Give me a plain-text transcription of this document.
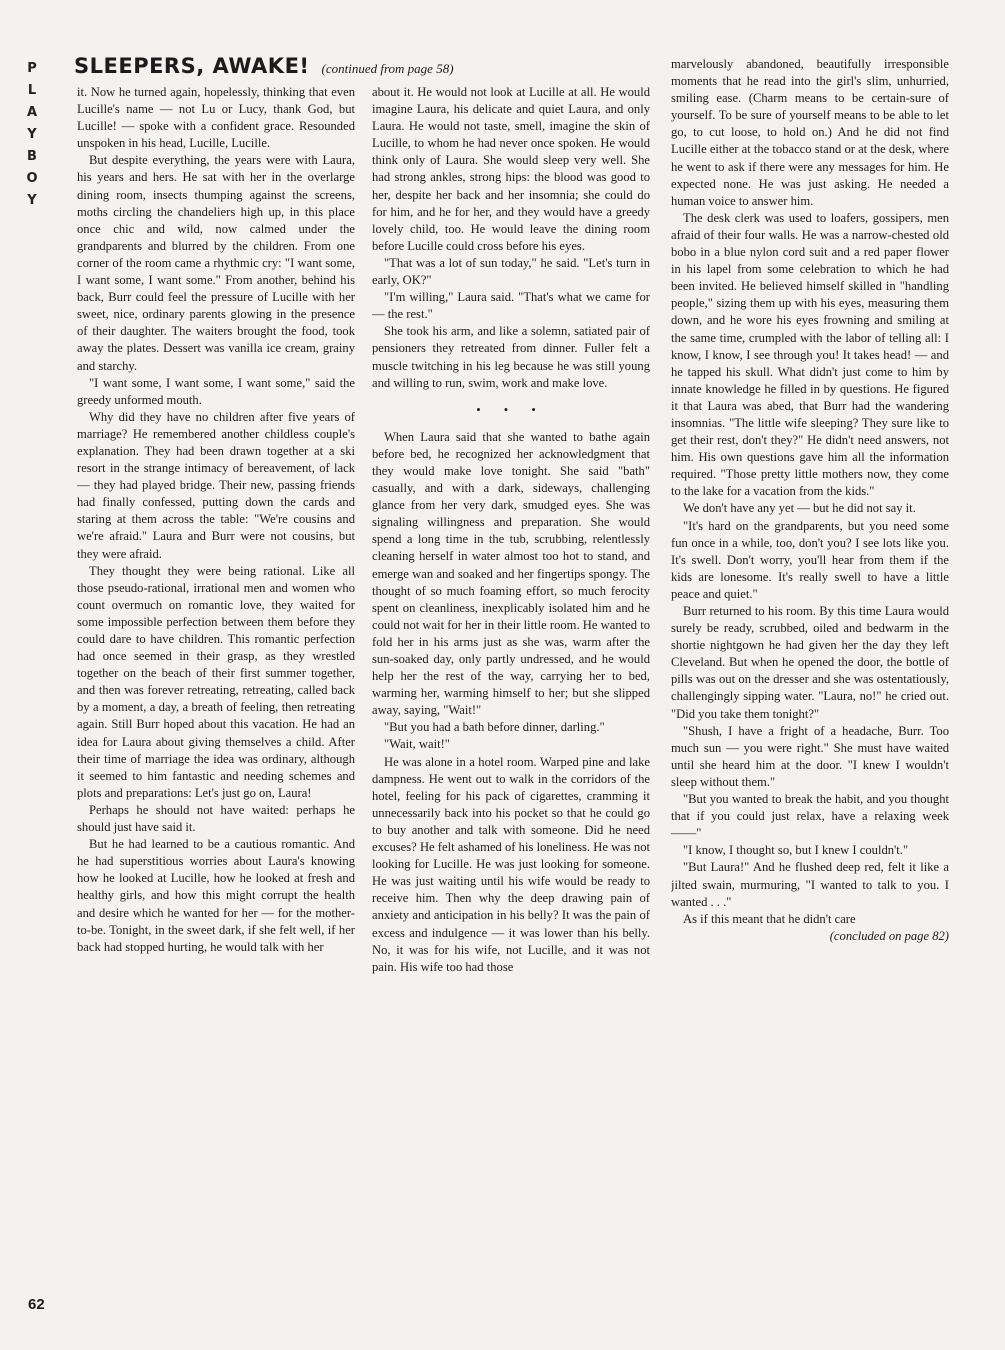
P
L
A
Y
B
O
Y
62
SLEEPERS, AWAKE! (continued from page 58)

it. Now he turned again, hopelessly, thinking that even Lucille's name — not Lu or Lucy, thank God, but Lucille! — spoke with a confident grace. Resounded unspoken in his head, Lucille, Lucille.

But despite everything, the years were with Laura, his years and hers. He sat with her in the overlarge dining room, insects thumping against the screens, moths circling the chandeliers high up, in this place once chic and wild, now calmed under the grandparents and blurred by the children. From one corner of the room came a rhythmic cry: "I want some, I want some, I want some." From another, behind his back, Burr could feel the pressure of Lucille with her sweet, nice, ordinary parents glowing in the presence of their daughter. The waiters brought the food, took away the plates. Dessert was vanilla ice cream, grainy and starchy.

"I want some, I want some, I want some," said the greedy unformed mouth.

Why did they have no children after five years of marriage? He remembered another childless couple's explanation. They had been drawn together at a ski resort in the strange intimacy of bereavement, of lack — they had played bridge. Their new, passing friends had finally confessed, putting down the cards and staring at them across the table: "We're cousins and we're afraid." Laura and Burr were not cousins, but they were afraid.

They thought they were being rational. Like all those pseudo-rational, irrational men and women who count overmuch on romantic love, they waited for some impossible perfection between them before they could dare to have children. This romantic perfection had once seemed in their grasp, as they wrestled together on the beach of their first summer together, and then was forever retreating, retreating, called back by a moment, a day, a breath of feeling, then retreating again. Still Burr hoped about this vacation. He had an idea for Laura about giving themselves a child. After their time of marriage the idea was ordinary, although it seemed to him fantastic and needing schemes and plots and preparations: Let's just go on, Laura!

Perhaps he should not have waited: perhaps he should just have said it.

But he had learned to be a cautious romantic. And he had superstitious worries about Laura's knowing how he looked at Lucille, how he looked at fresh and healthy girls, and how this might corrupt the health and desire which he wanted for her — for the mother-to-be. Tonight, in the sweet dark, if she felt well, if her back had stopped hurting, he would talk with her

about it. He would not look at Lucille at all. He would imagine Laura, his delicate and quiet Laura, and only Laura. He would not taste, smell, imagine the skin of Lucille, to whom he had never once spoken. He would think only of Laura. She would sleep very well. She had strong ankles, strong hips: the blood was good to her, despite her back and her insomnia; she could do for him, and he for her, and they would have a greedy lovely child, too. He would leave the dining room before Lucille could cross before his eyes.

"That was a lot of sun today," he said. "Let's turn in early, OK?"

"I'm willing," Laura said. "That's what we came for — the rest."

She took his arm, and like a solemn, satiated pair of pensioners they retreated from dinner. Fuller felt a muscle twitching in his leg because he was still young and willing to run, swim, work and make love.

• • •

When Laura said that she wanted to bathe again before bed, he recognized her acknowledgment that they would make love tonight. She said "bath" casually, and with a dark, sideways, challenging glance from her very dark, smudged eyes. She was signaling willingness and preparation. She would spend a long time in the tub, scrubbing, relentlessly cleaning herself in water almost too hot to stand, and emerge wan and soaked and her fingertips spongy. The thought of so much foaming effort, so much ferocity spent on cleanliness, inexplicably isolated him and he could not wait for her in their little room. He wanted to fold her in his arms just as she was, warm after the sun-soaked day, only partly undressed, and he would help her the rest of the way, carrying her to bed, warming her, warming himself to her; but she slipped away, saying, "Wait!"

"But you had a bath before dinner, darling."

"Wait, wait!"

He was alone in a hotel room. Warped pine and lake dampness. He went out to walk in the corridors of the hotel, feeling for his pack of cigarettes, cramming it unnecessarily back into his pocket so that he could go to buy another and talk with someone. Did he need excuses? He felt ashamed of his loneliness. He was not looking for Lucille. He was just looking for someone. He was just waiting until his wife would be ready to receive him. Then why the deep drawing pain of anxiety and anticipation in his belly? It was the pain of excess and indulgence — it was lower than his belly. No, it was for his wife, not Lucille, and it was not pain. His wife too had those

marvelously abandoned, beautifully irresponsible moments that he read into the girl's slim, unhurried, smiling ease. (Charm means to be certain-sure of yourself. To be sure of yourself means to be able to let go, to cut loose, to hold on.) And he did not find Lucille either at the tobacco stand or at the desk, where he went to ask if there were any messages for him. He expected none. He was just asking. He needed a human voice to answer him.

The desk clerk was used to loafers, gossipers, men afraid of their four walls. He was a narrow-chested old bobo in a blue nylon cord suit and a red paper flower in his lapel from some celebration to which he had been invited. He believed himself skilled in "handling people," sizing them up with his eyes, measuring them down, and he wore his eyes frowning and smiling at the same time, crumpled with the labor of telling all: I know, I know, I see through you! It takes head! — and he tapped his skull. What didn't just come to him by innate knowledge he filled in by questions. He figured it that Laura was abed, that Burr had the wandering insomnias. "The little wife sleeping? They sure like to get their rest, don't they?" He didn't need answers, not him. His own questions gave him all the information required. "Those pretty little mothers now, they come to the lake for a vacation from the kids."

We don't have any yet — but he did not say it.

"It's hard on the grandparents, but you need some fun once in a while, too, don't you? I see lots like you. It's swell. Don't worry, you'll hear from them if the kids are lonesome. It's really swell to have a little peace and quiet."

Burr returned to his room. By this time Laura would surely be ready, scrubbed, oiled and bedwarm in the shortie nightgown he had given her the day they left Cleveland. But when he opened the door, the bottle of pills was out on the dresser and she was ostentatiously, challengingly sipping water. "Laura, no!" he cried out. "Did you take them tonight?"

"Shush, I have a fright of a headache, Burr. Too much sun — you were right." She must have waited until she heard him at the door. "I knew I wouldn't sleep without them."

"But you wanted to break the habit, and you thought that if you could just relax, have a relaxing week ——"

"I know, I thought so, but I knew I couldn't."

"But Laura!" And he flushed deep red, felt it like a jilted swain, murmuring, "I wanted to talk to you. I wanted . . ."

As if this meant that he didn't care

(concluded on page 82)
